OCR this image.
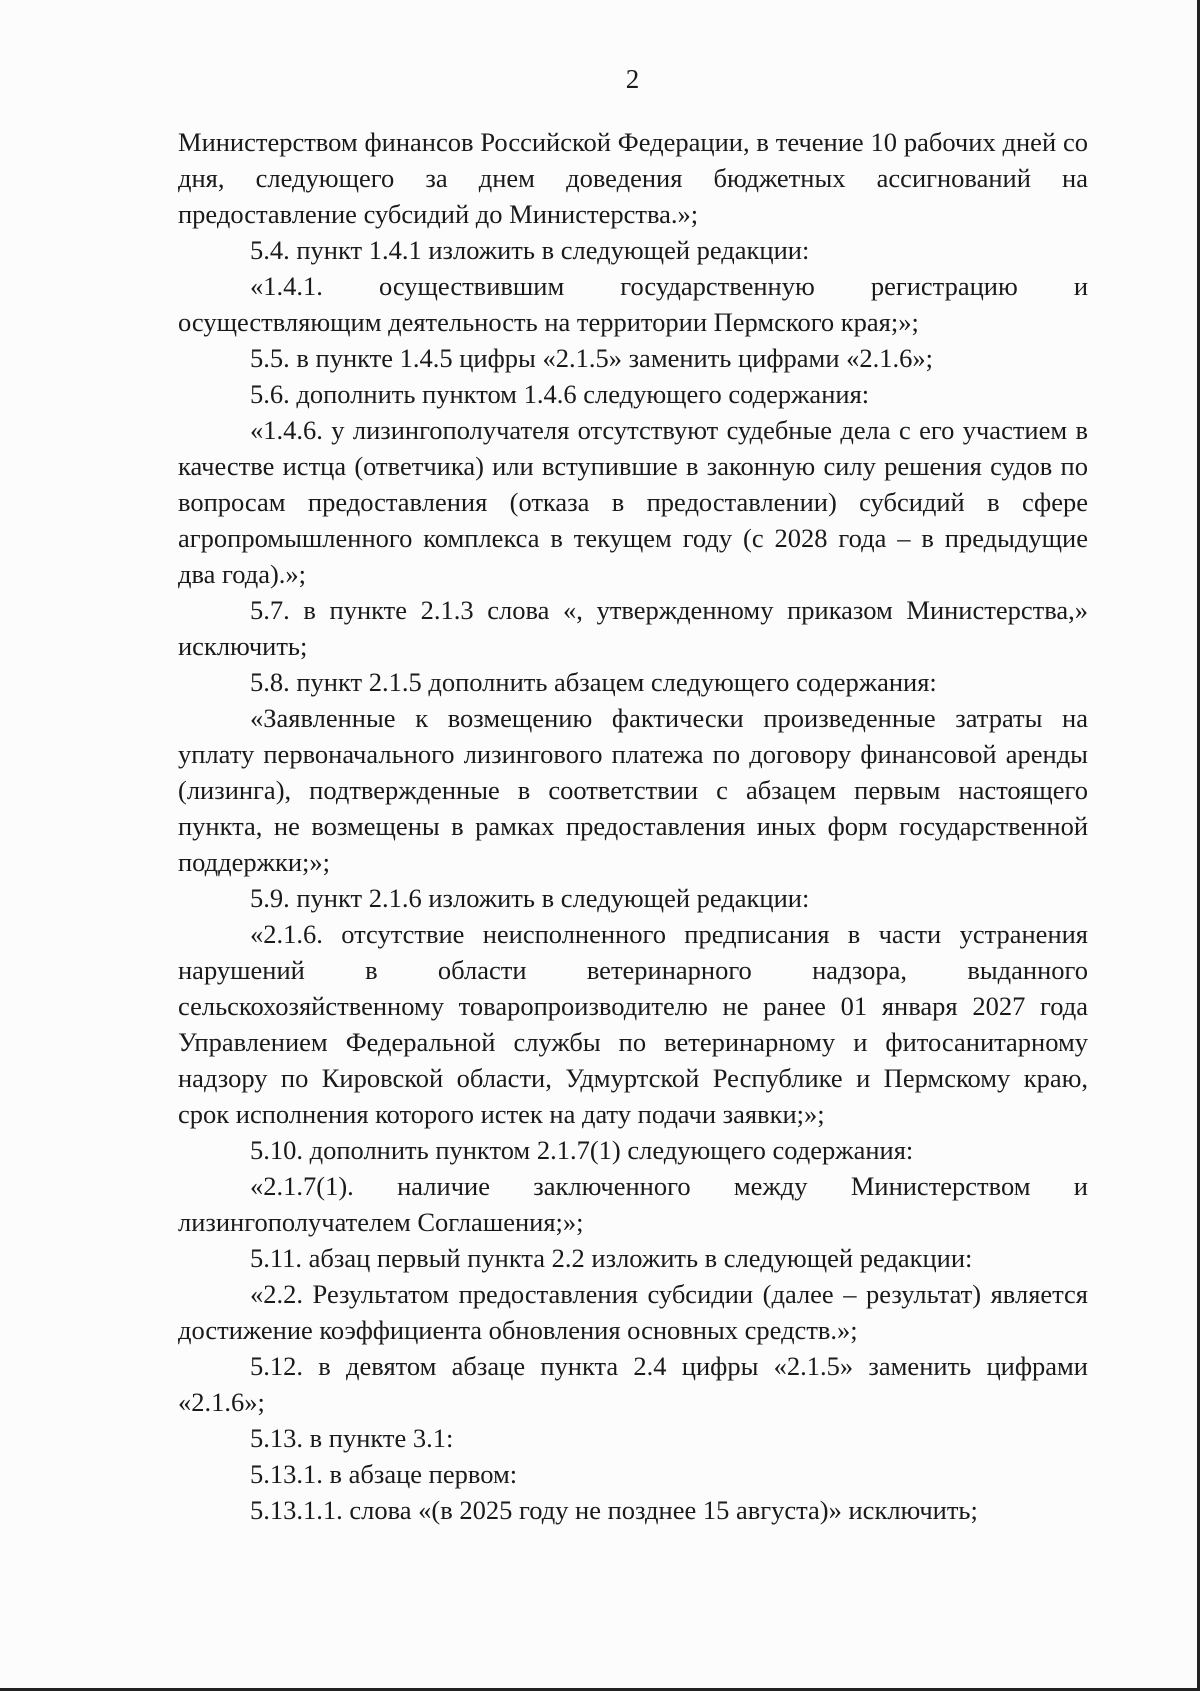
2

Министерством финансов Российской Федерации, в течение 10 рабочих дней со дня, следующего за днем доведения бюджетных ассигнований на предоставление субсидий до Министерства.»;

5.4. пункт 1.4.1 изложить в следующей редакции:

«1.4.1. осуществившим государственную регистрацию и осуществляющим деятельность на территории Пермского края;»;

5.5. в пункте 1.4.5 цифры «2.1.5» заменить цифрами «2.1.6»;

5.6. дополнить пунктом 1.4.6 следующего содержания:

«1.4.6. у лизингополучателя отсутствуют судебные дела с его участием в качестве истца (ответчика) или вступившие в законную силу решения судов по вопросам предоставления (отказа в предоставлении) субсидий в сфере агропромышленного комплекса в текущем году (с 2028 года – в предыдущие два года).»;

5.7. в пункте 2.1.3 слова «, утвержденному приказом Министерства,» исключить;

5.8. пункт 2.1.5 дополнить абзацем следующего содержания:

«Заявленные к возмещению фактически произведенные затраты на уплату первоначального лизингового платежа по договору финансовой аренды (лизинга), подтвержденные в соответствии с абзацем первым настоящего пункта, не возмещены в рамках предоставления иных форм государственной поддержки;»;

5.9. пункт 2.1.6 изложить в следующей редакции:

«2.1.6. отсутствие неисполненного предписания в части устранения нарушений в области ветеринарного надзора, выданного сельскохозяйственному товаропроизводителю не ранее 01 января 2027 года Управлением Федеральной службы по ветеринарному и фитосанитарному надзору по Кировской области, Удмуртской Республике и Пермскому краю, срок исполнения которого истек на дату подачи заявки;»;

5.10. дополнить пунктом 2.1.7(1) следующего содержания:

«2.1.7(1). наличие заключенного между Министерством и лизингополучателем Соглашения;»;

5.11. абзац первый пункта 2.2 изложить в следующей редакции:

«2.2. Результатом предоставления субсидии (далее – результат) является достижение коэффициента обновления основных средств.»;

5.12. в девятом абзаце пункта 2.4 цифры «2.1.5» заменить цифрами «2.1.6»;

5.13. в пункте 3.1:

5.13.1. в абзаце первом:

5.13.1.1. слова «(в 2025 году не позднее 15 августа)» исключить;
